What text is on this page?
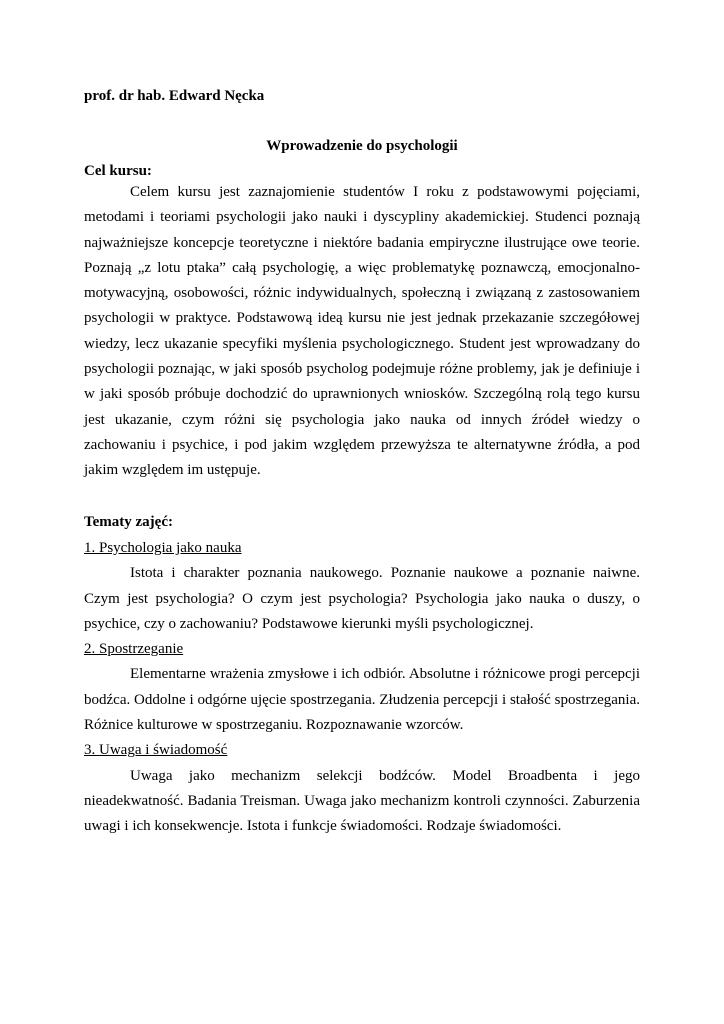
prof. dr hab. Edward Nęcka
Wprowadzenie do psychologii
Cel kursu:

Celem kursu jest zaznajomienie studentów I roku z podstawowymi pojęciami, metodami i teoriami psychologii jako nauki i dyscypliny akademickiej. Studenci poznają najważniejsze koncepcje teoretyczne i niektóre badania empiryczne ilustrujące owe teorie. Poznają „z lotu ptaka” całą psychologię, a więc problematykę poznawczą, emocjonalno-motywacyjną, osobowości, różnic indywidualnych, społeczną i związaną z zastosowaniem psychologii w praktyce. Podstawową ideą kursu nie jest jednak przekazanie szczegółowej wiedzy, lecz ukazanie specyfiki myślenia psychologicznego. Student jest wprowadzany do psychologii poznając, w jaki sposób psycholog podejmuje różne problemy, jak je definiuje i w jaki sposób próbuje dochodzić do uprawnionych wniosków. Szczególną rolą tego kursu jest ukazanie, czym różni się psychologia jako nauka od innych źródeł wiedzy o zachowaniu i psychice, i pod jakim względem przewyższa te alternatywne źródła, a pod jakim względem im ustępuje.

Tematy zajęć:

1. Psychologia jako nauka

Istota i charakter poznania naukowego. Poznanie naukowe a poznanie naiwne. Czym jest psychologia? O czym jest psychologia? Psychologia jako nauka o duszy, o psychice, czy o zachowaniu? Podstawowe kierunki myśli psychologicznej.

2. Spostrzeganie

Elementarne wrażenia zmysłowe i ich odbiór. Absolutne i różnicowe progi percepcji bodźca. Oddolne i odgórne ujęcie spostrzegania. Złudzenia percepcji i stałość spostrzegania. Różnice kulturowe w spostrzeganiu. Rozpoznawanie wzorców.

3. Uwaga i świadomość

Uwaga jako mechanizm selekcji bodźców. Model Broadbenta i jego nieadekwatność. Badania Treisman. Uwaga jako mechanizm kontroli czynności. Zaburzenia uwagi i ich konsekwencje. Istota i funkcje świadomości. Rodzaje świadomości.
